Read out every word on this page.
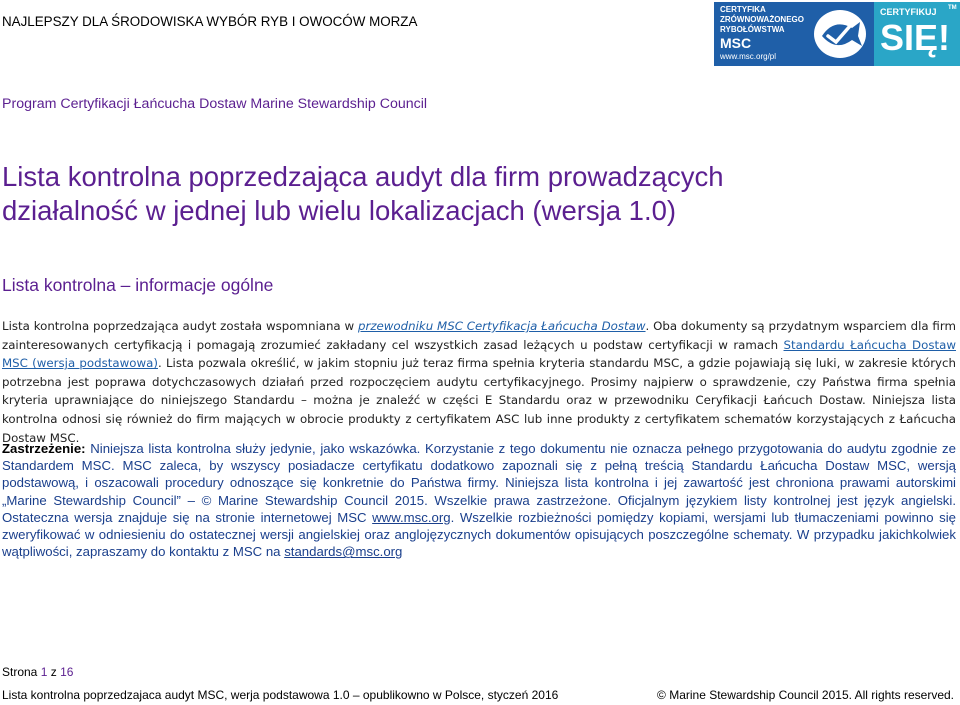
NAJLEPSZY DLA ŚRODOWISKA WYBÓR RYB I OWOCÓW MORZA
CERTYFIKA
ZRÓWNOWAŻONEGO
RYBOŁÓWSTWA
MSC
www.msc.org/pl
CERTYFIKUJ TM
SIĘ!
Program Certyfikacji Łańcucha Dostaw Marine Stewardship Council
Lista kontrolna poprzedzająca audyt dla firm prowadzących
działalność w jednej lub wielu lokalizacjach (wersja 1.0)
Lista kontrolna – informacje ogólne
Lista kontrolna poprzedzająca audyt została wspomniana w przewodniku MSC Certyfikacja Łańcucha Dostaw. Oba dokumenty są przydatnym wsparciem dla firm zainteresowanych certyfikacją i pomagają zrozumieć zakładany cel wszystkich zasad leżących u podstaw certyfikacji w ramach Standardu Łańcucha Dostaw MSC (wersja podstawowa). Lista pozwala określić, w jakim stopniu już teraz firma spełnia kryteria standardu MSC, a gdzie pojawiają się luki, w zakresie których potrzebna jest poprawa dotychczasowych działań przed rozpoczęciem audytu certyfikacyjnego. Prosimy najpierw o sprawdzenie, czy Państwa firma spełnia kryteria uprawniające do niniejszego Standardu – można je znaleźć w części E Standardu oraz w przewodniku Ceryfikacji Łańcuch Dostaw. Niniejsza lista kontrolna odnosi się również do firm mających w obrocie produkty z certyfikatem ASC lub inne produkty z certyfikatem schematów korzystających z Łańcucha Dostaw MSC.
Zastrzeżenie: Niniejsza lista kontrolna służy jedynie, jako wskazówka. Korzystanie z tego dokumentu nie oznacza pełnego przygotowania do audytu zgodnie ze Standardem MSC. MSC zaleca, by wszyscy posiadacze certyfikatu dodatkowo zapoznali się z pełną treścią Standardu Łańcucha Dostaw MSC, wersją podstawową, i oszacowali procedury odnoszące się konkretnie do Państwa firmy. Niniejsza lista kontrolna i jej zawartość jest chroniona prawami autorskimi „Marine Stewardship Council” – © Marine Stewardship Council 2015. Wszelkie prawa zastrzeżone. Oficjalnym językiem listy kontrolnej jest język angielski. Ostateczna wersja znajduje się na stronie internetowej MSC www.msc.org. Wszelkie rozbieżności pomiędzy kopiami, wersjami lub tłumaczeniami powinno się zweryfikować w odniesieniu do ostatecznej wersji angielskiej oraz anglojęzycznych dokumentów opisujących poszczególne schematy. W przypadku jakichkolwiek wątpliwości, zapraszamy do kontaktu z MSC na standards@msc.org
Strona 1 z 16
Lista kontrolna poprzedzajaca audyt MSC, werja podstawowa 1.0 – opublikowno w Polsce, styczeń 2016	© Marine Stewardship Council 2015. All rights reserved.
